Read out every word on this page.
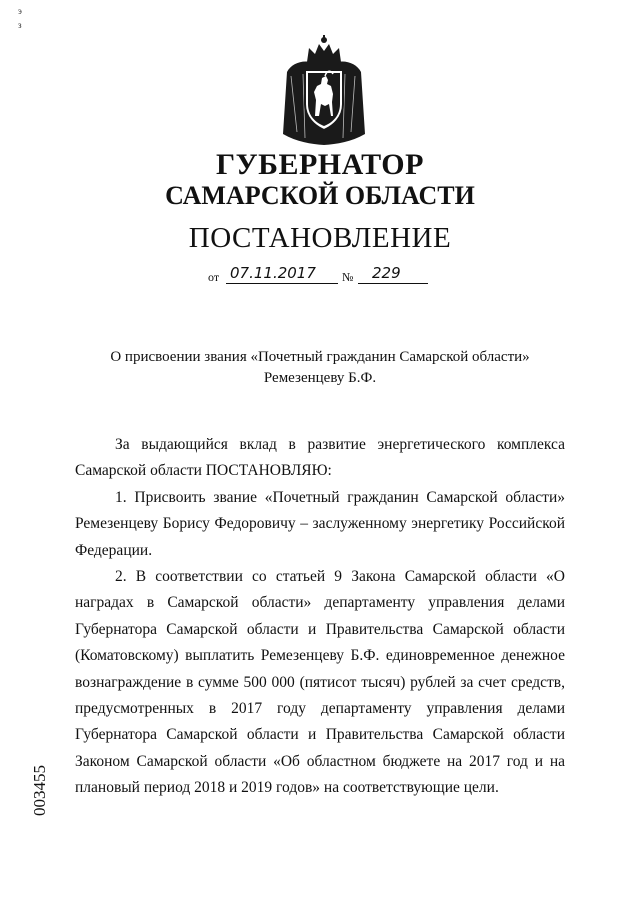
э
з
ГУБЕРНАТОР
САМАРСКОЙ ОБЛАСТИ
ПОСТАНОВЛЕНИЕ
от 07.11.2017 № 229
О присвоении звания «Почетный гражданин Самарской области»
Ремезенцеву Б.Ф.

За выдающийся вклад в развитие энергетического комплекса Самарской области ПОСТАНОВЛЯЮ:

1. Присвоить звание «Почетный гражданин Самарской области» Ремезенцеву Борису Федоровичу – заслуженному энергетику Российской Федерации.

2. В соответствии со статьей 9 Закона Самарской области «О наградах в Самарской области» департаменту управления делами Губернатора Самарской области и Правительства Самарской области (Коматовскому) выплатить Ремезенцеву Б.Ф. единовременное денежное вознаграждение в сумме 500 000 (пятисот тысяч) рублей за счет средств, предусмотренных в 2017 году департаменту управления делами Губернатора Самарской области и Правительства Самарской области Законом Самарской области «Об областном бюджете на 2017 год и на плановый период 2018 и 2019 годов» на соответствующие цели.

003455
